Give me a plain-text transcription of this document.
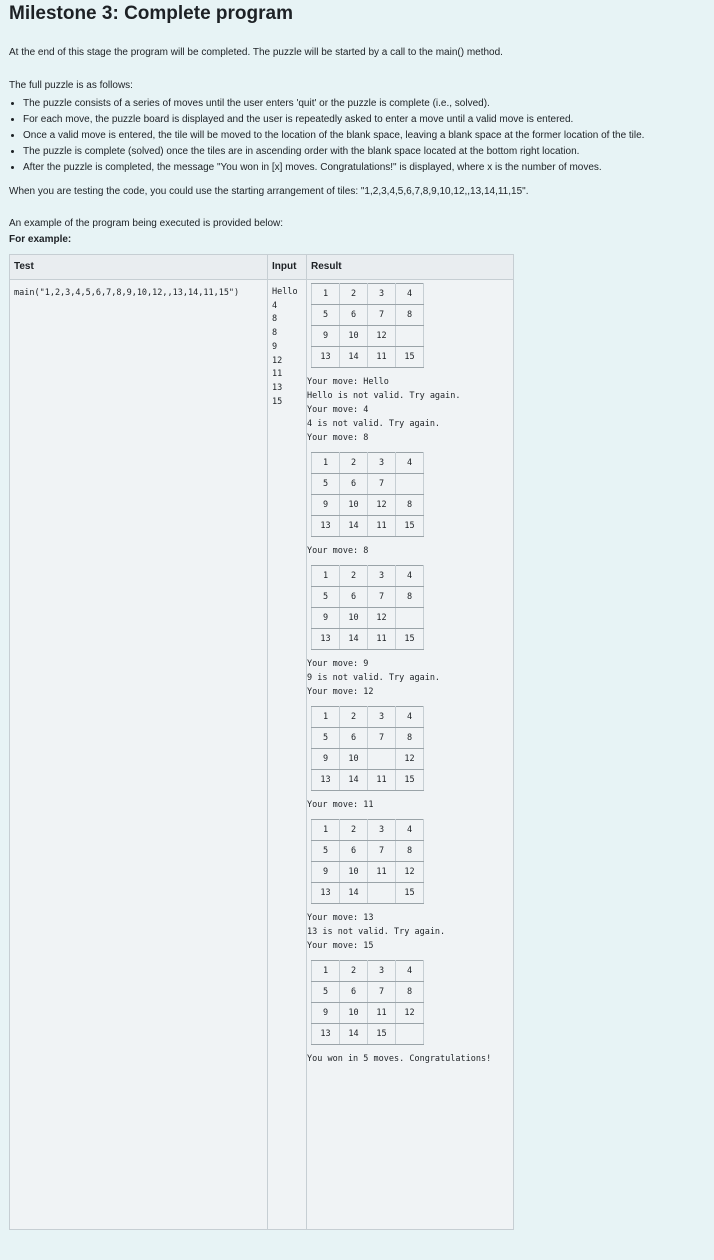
Milestone 3: Complete program

At the end of this stage the program will be completed. The puzzle will be started by a call to the main() method.

The full puzzle is as follows:

• The puzzle consists of a series of moves until the user enters 'quit' or the puzzle is complete (i.e., solved).
• For each move, the puzzle board is displayed and the user is repeatedly asked to enter a move until a valid move is entered.
• Once a valid move is entered, the tile will be moved to the location of the blank space, leaving a blank space at the former location of the tile.
• The puzzle is complete (solved) once the tiles are in ascending order with the blank space located at the bottom right location.
• After the puzzle is completed, the message "You won in [x] moves. Congratulations!" is displayed, where x is the number of moves.

When you are testing the code, you could use the starting arrangement of tiles: "1,2,3,4,5,6,7,8,9,10,12,,13,14,11,15".

An example of the program being executed is provided below:

For example:

Test	Input	Result

main("1,2,3,4,5,6,7,8,9,10,12,,13,14,11,15")	Hello
4
8
8
9
12
11
13
15

1	2	3	4
5	6	7	8
9	10	12	
13	14	11	15
Your move: Hello
Hello is not valid. Try again.
Your move: 4
4 is not valid. Try again.
Your move: 8
1	2	3	4
5	6	7	
9	10	12	8
13	14	11	15
Your move: 8
1	2	3	4
5	6	7	8
9	10	12	
13	14	11	15
Your move: 9
9 is not valid. Try again.
Your move: 12
1	2	3	4
5	6	7	8
9	10		12
13	14	11	15
Your move: 11
1	2	3	4
5	6	7	8
9	10	11	12
13	14		15
Your move: 13
13 is not valid. Try again.
Your move: 15
1	2	3	4
5	6	7	8
9	10	11	12
13	14	15	
You won in 5 moves. Congratulations!
